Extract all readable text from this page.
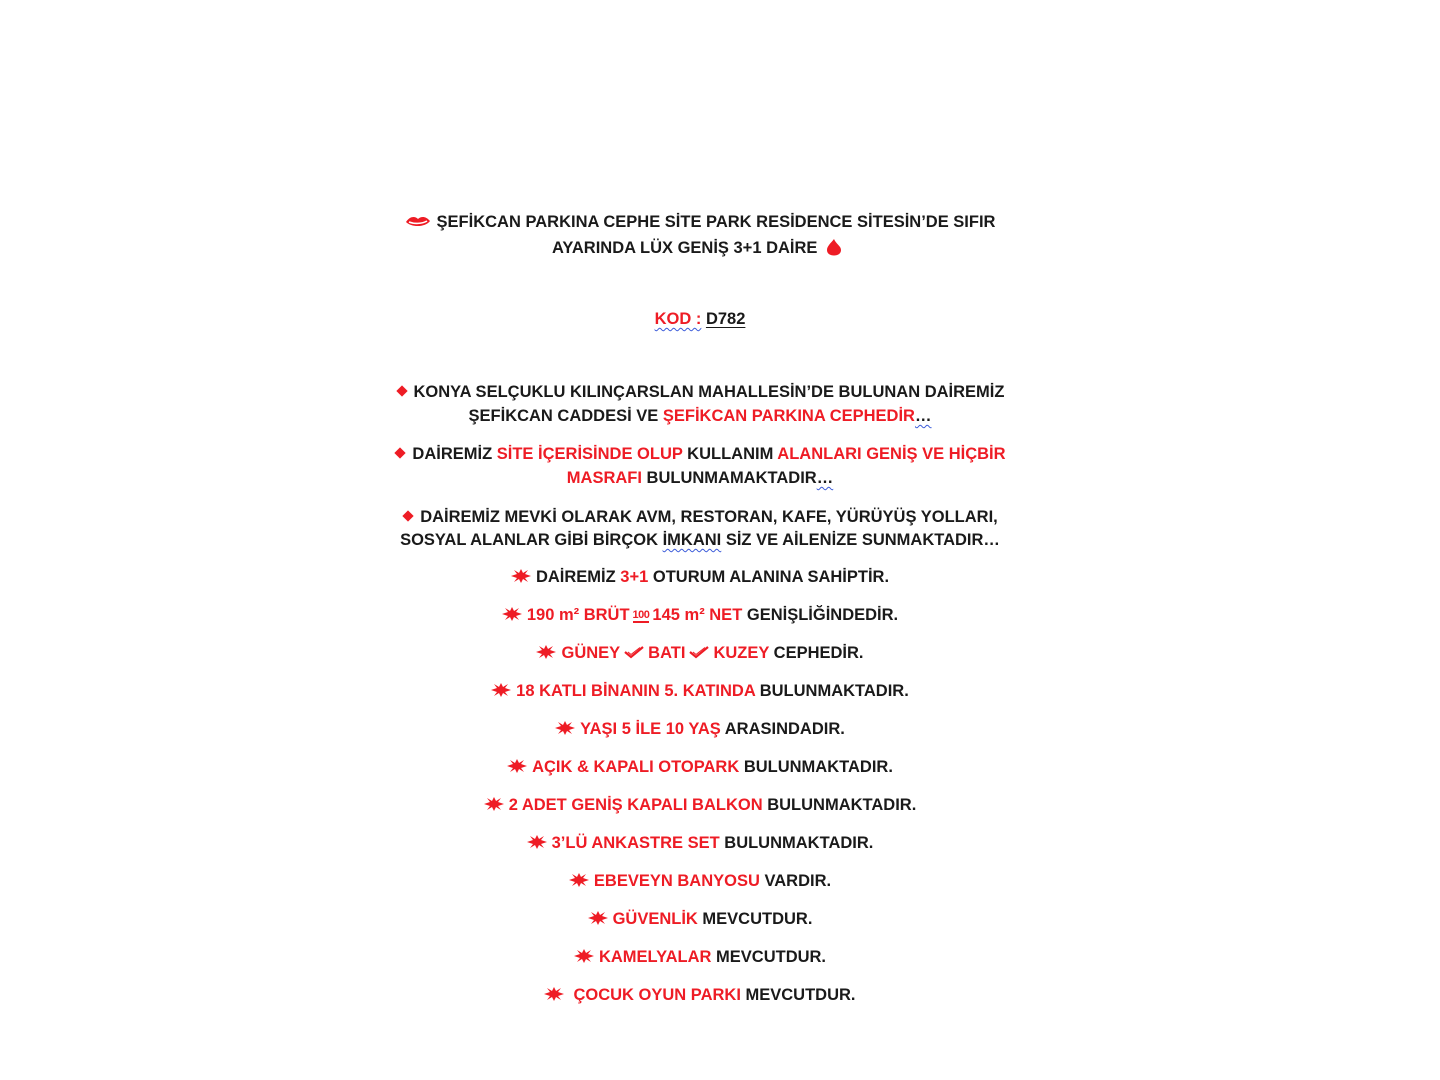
ŞEFİKCAN PARKINA CEPHE SİTE PARK RESİDENCE SİTESİN’DE SIFIR
AYARINDA LÜX GENİŞ 3+1 DAİRE
KOD : D782
KONYA SELÇUKLU KILINÇARSLAN MAHALLESİN’DE BULUNAN DAİREMİZ
ŞEFİKCAN CADDESİ VE ŞEFİKCAN PARKINA CEPHEDİR…
DAİREMİZ SİTE İÇERİSİNDE OLUP KULLANIM ALANLARI GENİŞ VE HİÇBİR
MASRAFI BULUNMAMAKTADIR…
DAİREMİZ MEVKİ OLARAK AVM, RESTORAN, KAFE, YÜRÜYÜŞ YOLLARI,
SOSYAL ALANLAR GİBİ BİRÇOK İMKANI SİZ VE AİLENİZE SUNMAKTADIR…
DAİREMİZ 3+1 OTURUM ALANINA SAHİPTİR.
190 m² BRÜT 100 145 m² NET GENİŞLİĞİNDEDİR.
GÜNEY BATI KUZEY CEPHEDİR.
18 KATLI BİNANIN 5. KATINDA BULUNMAKTADIR.
YAŞI 5 İLE 10 YAŞ ARASINDADIR.
AÇIK & KAPALI OTOPARK BULUNMAKTADIR.
2 ADET GENİŞ KAPALI BALKON BULUNMAKTADIR.
3’LÜ ANKASTRE SET BULUNMAKTADIR.
EBEVEYN BANYOSU VARDIR.
GÜVENLİK MEVCUTDUR.
KAMELYALAR MEVCUTDUR.
ÇOCUK OYUN PARKI MEVCUTDUR.
